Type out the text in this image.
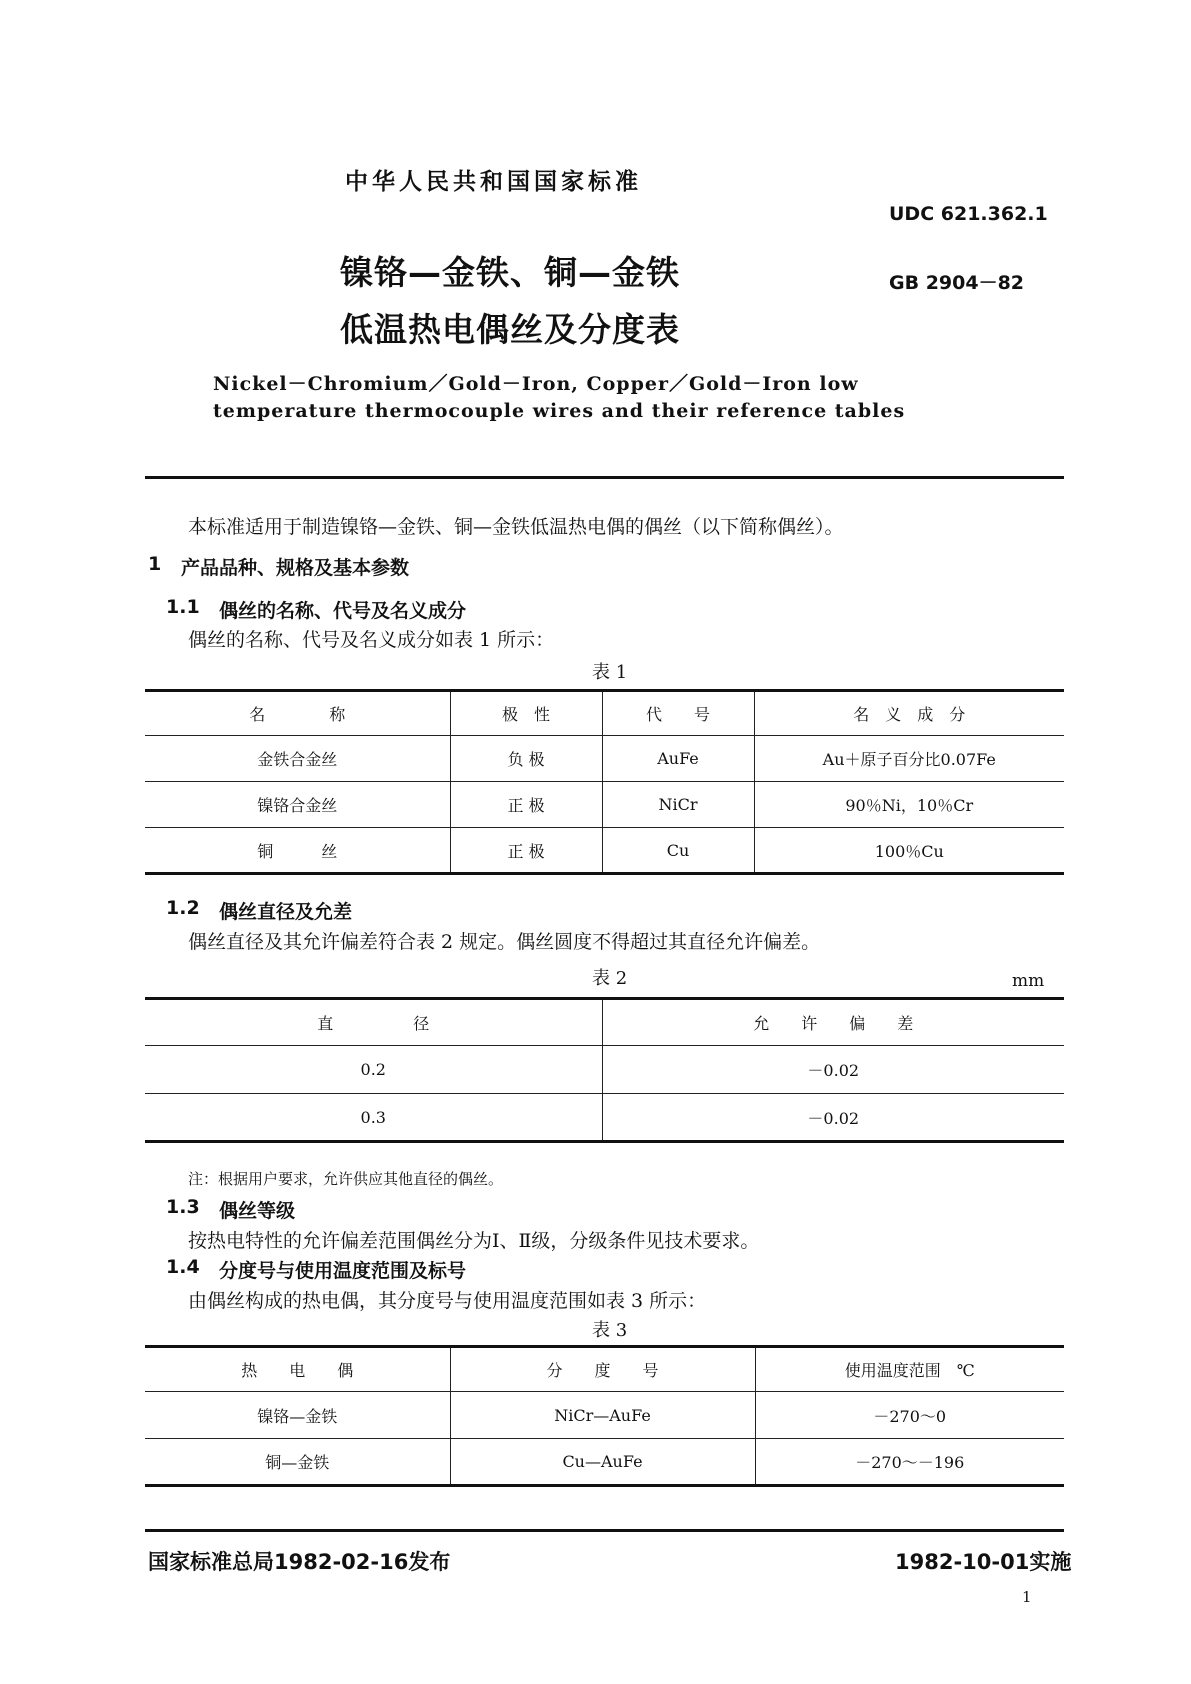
中华人民共和国国家标准
UDC 621.362.1
镍铬—金铁、铜—金铁	GB 2904－82
低温热电偶丝及分度表
Nickel－Chromium／Gold－Iron, Copper／Gold－Iron low
temperature thermocouple wires and their reference tables
本标准适用于制造镍铬—金铁、铜—金铁低温热电偶的偶丝（以下简称偶丝）。
1 产品品种、规格及基本参数
1.1 偶丝的名称、代号及名义成分
偶丝的名称、代号及名义成分如表 1 所示：
表 1
名　　　　称	极　性	代　　号	名　义　成　分
金铁合金丝	负 极	AuFe	Au＋原子百分比0.07Fe
镍铬合金丝	正 极	NiCr	90％Ni，10％Cr
铜　　　丝	正 极	Cu	100％Cu
1.2 偶丝直径及允差
偶丝直径及其允许偏差符合表 2 规定。偶丝圆度不得超过其直径允许偏差。
表 2	mm
直　　　　　径	允　　许　　偏　　差
0.2	－0.02
0.3	－0.02
注：根据用户要求，允许供应其他直径的偶丝。
1.3 偶丝等级
按热电特性的允许偏差范围偶丝分为Ⅰ、Ⅱ级，分级条件见技术要求。
1.4 分度号与使用温度范围及标号
由偶丝构成的热电偶，其分度号与使用温度范围如表 3 所示：
表 3
热　　电　　偶	分　　度　　号	使用温度范围　℃
镍铬—金铁	NiCr—AuFe	－270～0
铜—金铁	Cu—AuFe	－270～－196
国家标准总局1982-02-16发布	1982-10-01实施
1
